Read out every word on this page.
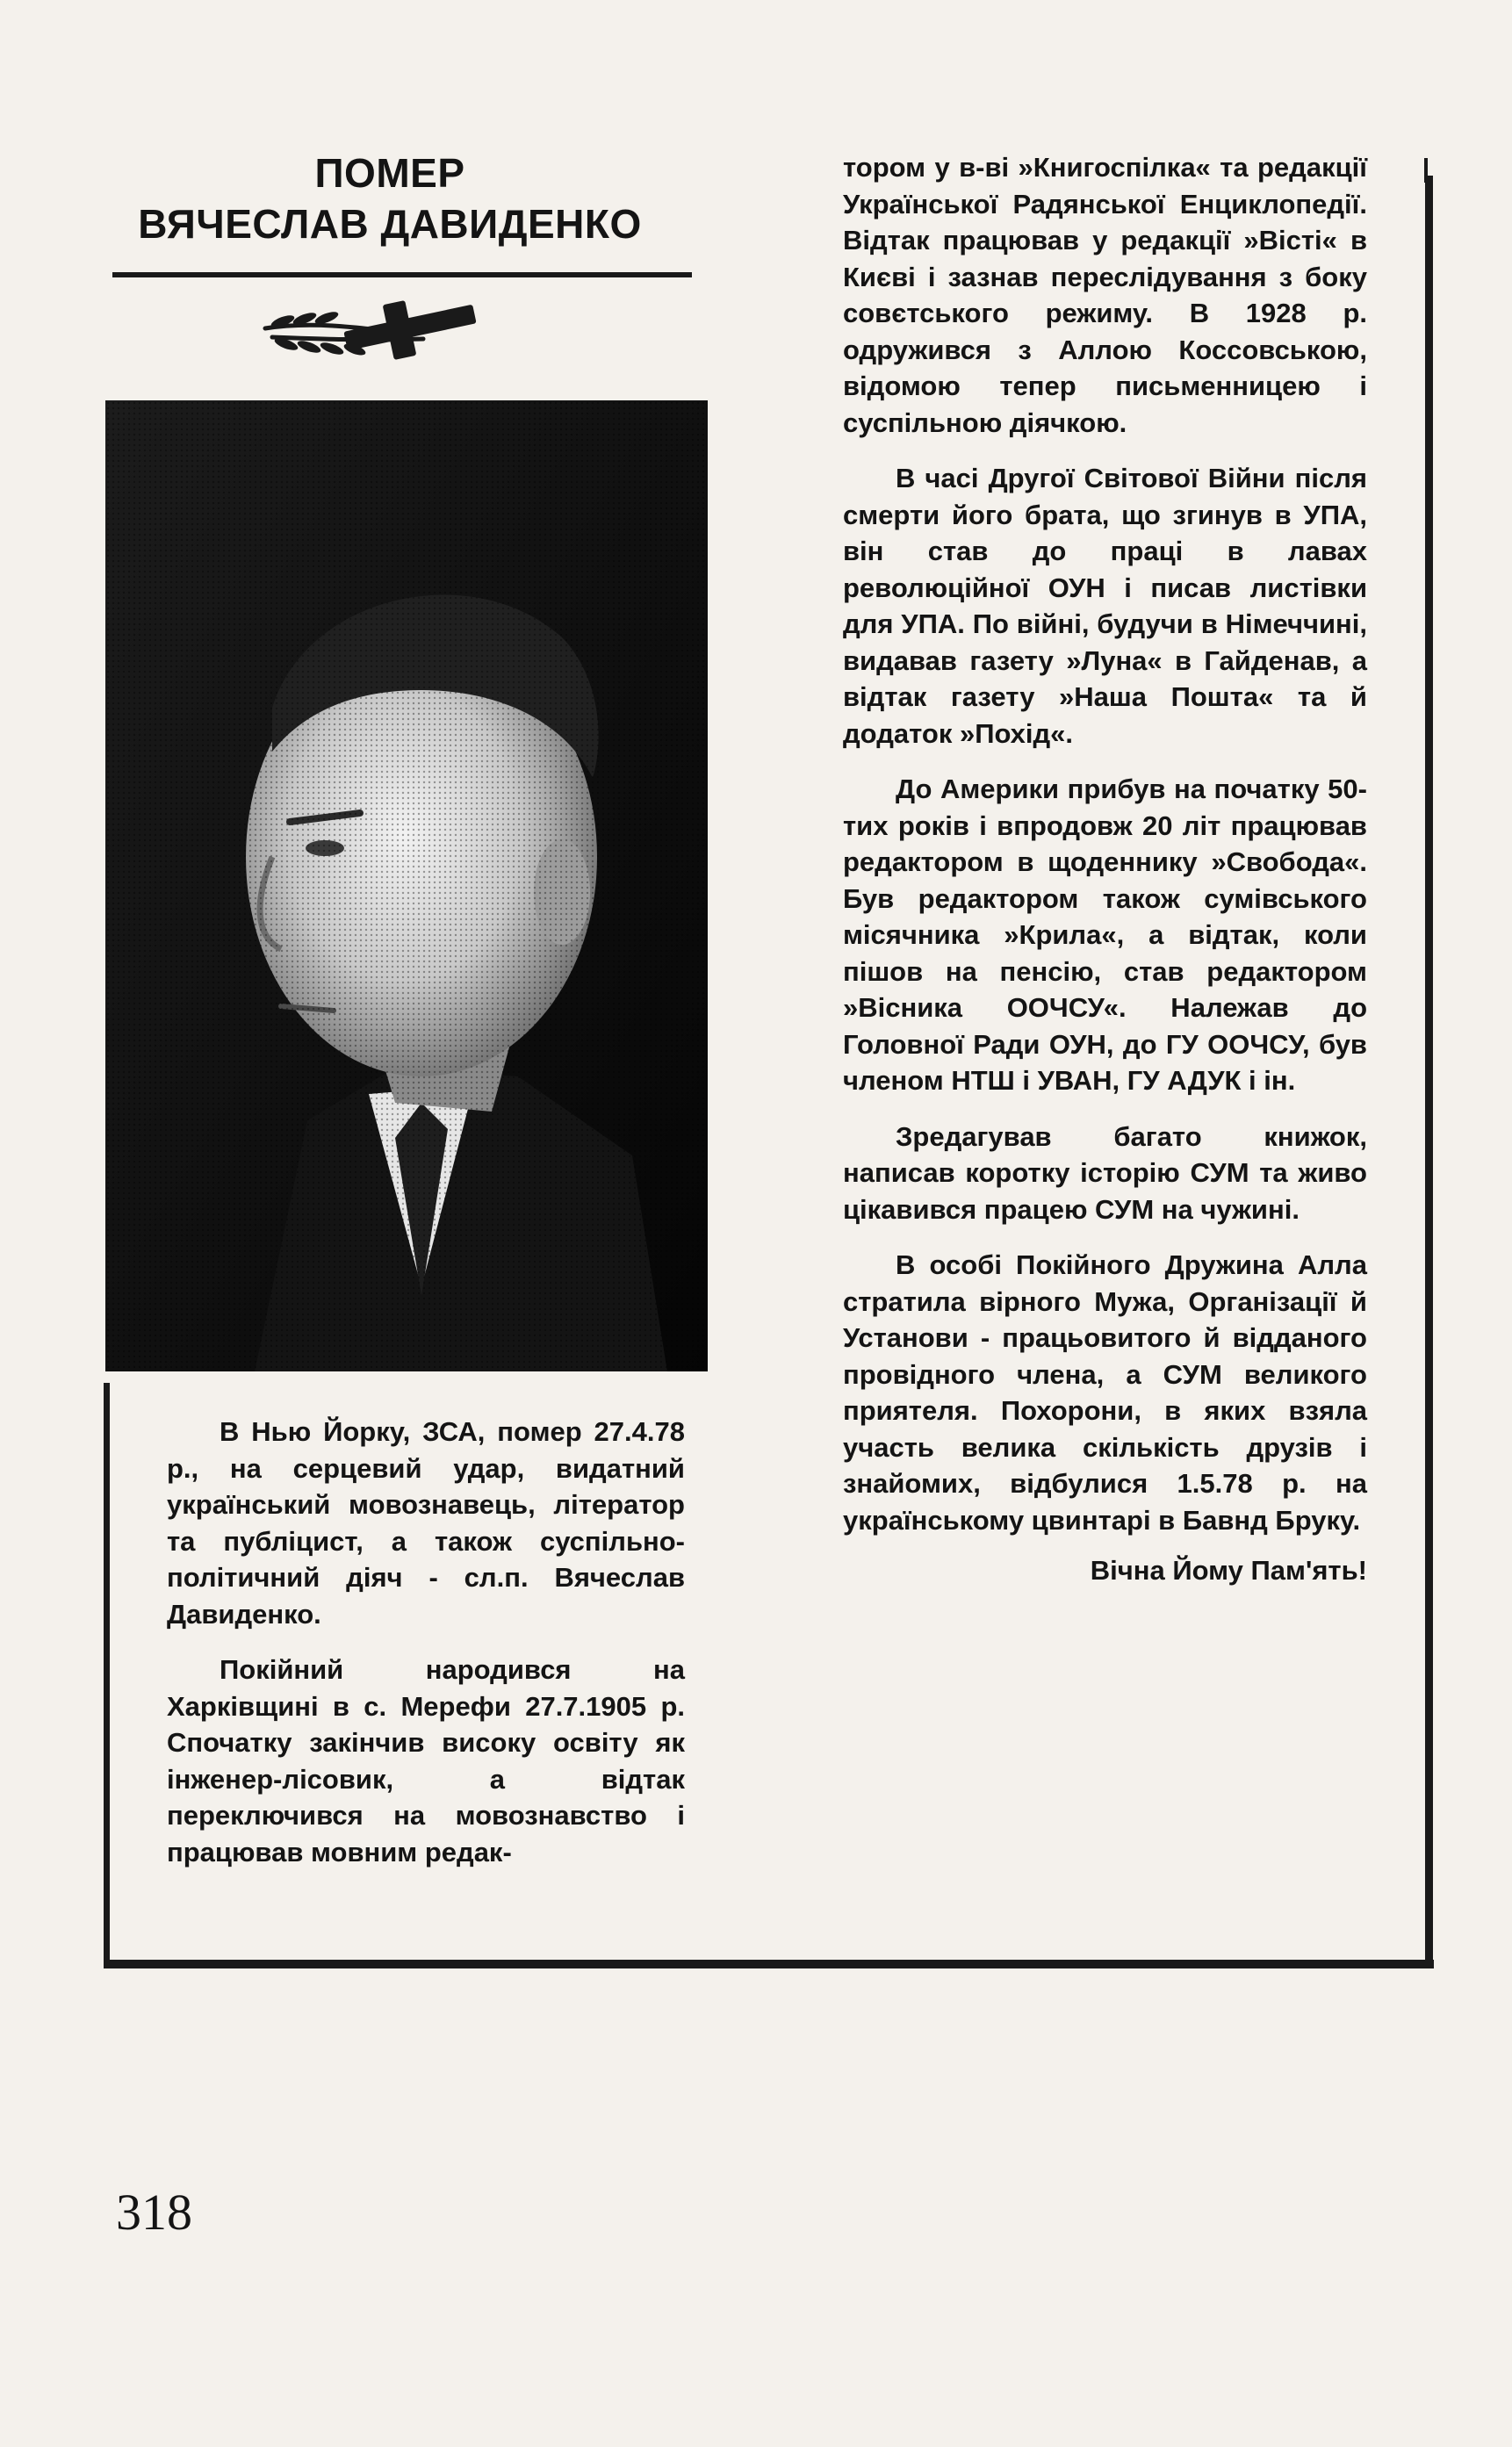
ПОМЕР
ВЯЧЕСЛАВ ДАВИДЕНКО

В Нью Йорку, ЗСА, помер 27.4.78 р., на серцевий удар, видатний український мовознавець, літератор та публіцист, а також суспільно-політичний діяч - сл.п. Вячеслав Давиденко.

Покійний народився на Харківщині в с. Мерефи 27.7.1905 р. Спочатку закінчив високу освіту як інженер-лісовик, а відтак переключився на мовознавство і працював мовним редак-

тором у в-ві »Книгоспілка« та редакції Української Радянської Енциклопедії. Відтак працював у редакції »Вісті« в Києві і зазнав переслідування з боку совєтського режиму. В 1928 р. одружився з Аллою Коссовською, відомою тепер письменницею і суспільною діячкою.

В часі Другої Світової Війни після смерти його брата, що згинув в УПА, він став до праці в лавах революційної ОУН і писав листівки для УПА. По війні, будучи в Німеччині, видавав газету »Луна« в Гайденав, а відтак газету »Наша Пошта« та й додаток »Похід«.

До Америки прибув на початку 50-тих років і впродовж 20 літ працював редактором в щоденнику »Свобода«. Був редактором також сумівського місячника »Крила«, а відтак, коли пішов на пенсію, став редактором »Вісника ООЧСУ«. Належав до Головної Ради ОУН, до ГУ ООЧСУ, був членом НТШ і УВАН, ГУ АДУК і ін.

Зредагував багато книжок, написав коротку історію СУМ та живо цікавився працею СУМ на чужині.

В особі Покійного Дружина Алла стратила вірного Мужа, Організації й Установи - працьовитого й відданого провідного члена, а СУМ великого приятеля. Похорони, в яких взяла участь велика скількість друзів і знайомих, відбулися 1.5.78 р. на українському цвинтарі в Бавнд Бруку.

Вічна Йому Пам'ять!

318
